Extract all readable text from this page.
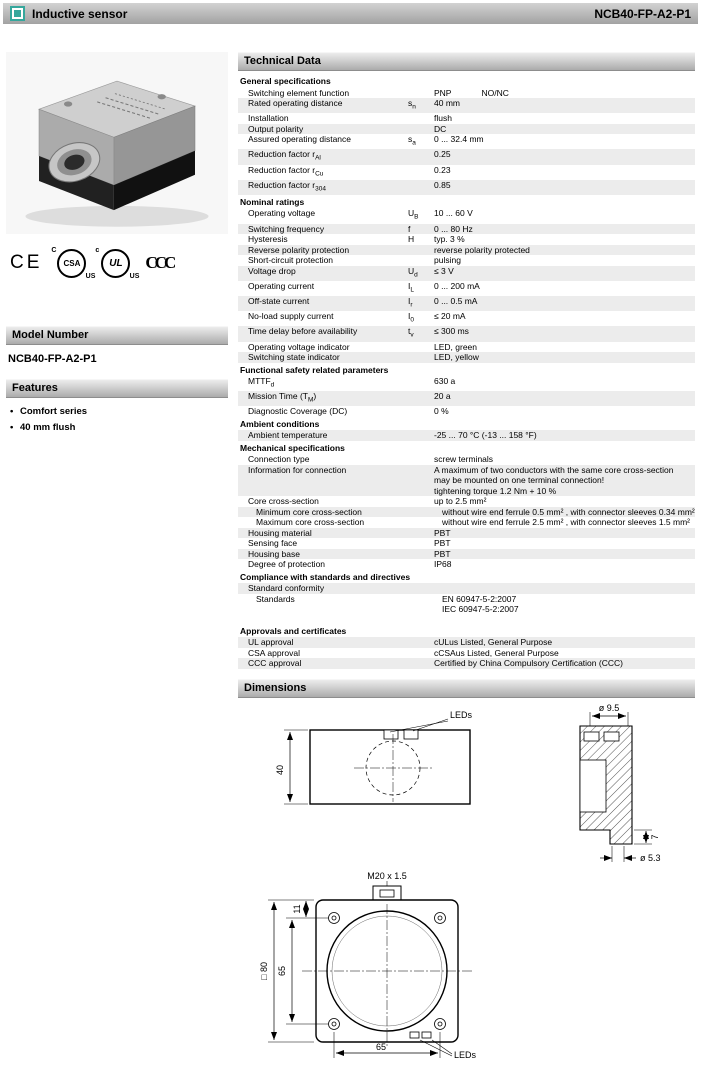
Inductive sensor	NCB40-FP-A2-P1
CE
C
CSA
US
c
UL
US
CCC
Model Number
NCB40-FP-A2-P1
Features
• Comfort series
• 40 mm flush
Technical Data
General specifications
Switching element function	PNP	NO/NC
Rated operating distance	$s_n$	40 mm
Installation	flush
Output polarity	DC
Assured operating distance	$s_a$	0 ... 32.4 mm
Reduction factor $r_{Al}$	0.25
Reduction factor $r_{Cu}$	0.23
Reduction factor $r_{304}$	0.85
Nominal ratings
Operating voltage	$U_B$	10 ... 60 V
Switching frequency	f	0 ... 80 Hz
Hysteresis	H	typ. 3 %
Reverse polarity protection	reverse polarity protected
Short-circuit protection	pulsing
Voltage drop	$U_d$	≤ 3 V
Operating current	$I_L$	0 ... 200 mA
Off-state current	$I_r$	0 ... 0.5 mA
No-load supply current	$I_0$	≤ 20 mA
Time delay before availability	$t_v$	≤ 300 ms
Operating voltage indicator	LED, green
Switching state indicator	LED, yellow
Functional safety related parameters
$MTTF_d$	630 a
Mission Time $(T_M)$	20 a
Diagnostic Coverage (DC)	0 %
Ambient conditions
Ambient temperature	-25 ... 70 °C (-13 ... 158 °F)
Mechanical specifications
Connection type	screw terminals
Information for connection	A maximum of two conductors with the same core cross-section
may be mounted on one terminal connection!
tightening torque 1.2 Nm + 10 %
Core cross-section	up to 2.5 mm²
Minimum core cross-section	without wire end ferrule 0.5 mm² , with connector sleeves 0.34 mm²
Maximum core cross-section	without wire end ferrule 2.5 mm² , with connector sleeves 1.5 mm²
Housing material	PBT
Sensing face	PBT
Housing base	PBT
Degree of protection	IP68
Compliance with standards and directives
Standard conformity
Standards	EN 60947-5-2:2007
IEC 60947-5-2:2007
Approvals and certificates
UL approval	cULus Listed, General Purpose
CSA approval	cCSAus Listed, General Purpose
CCC approval	Certified by China Compulsory Certification (CCC)
Dimensions
LEDs
40
ø 9.5
7
ø 5.3
M20 x 1.5
□ 80 65
11
65
LEDs
